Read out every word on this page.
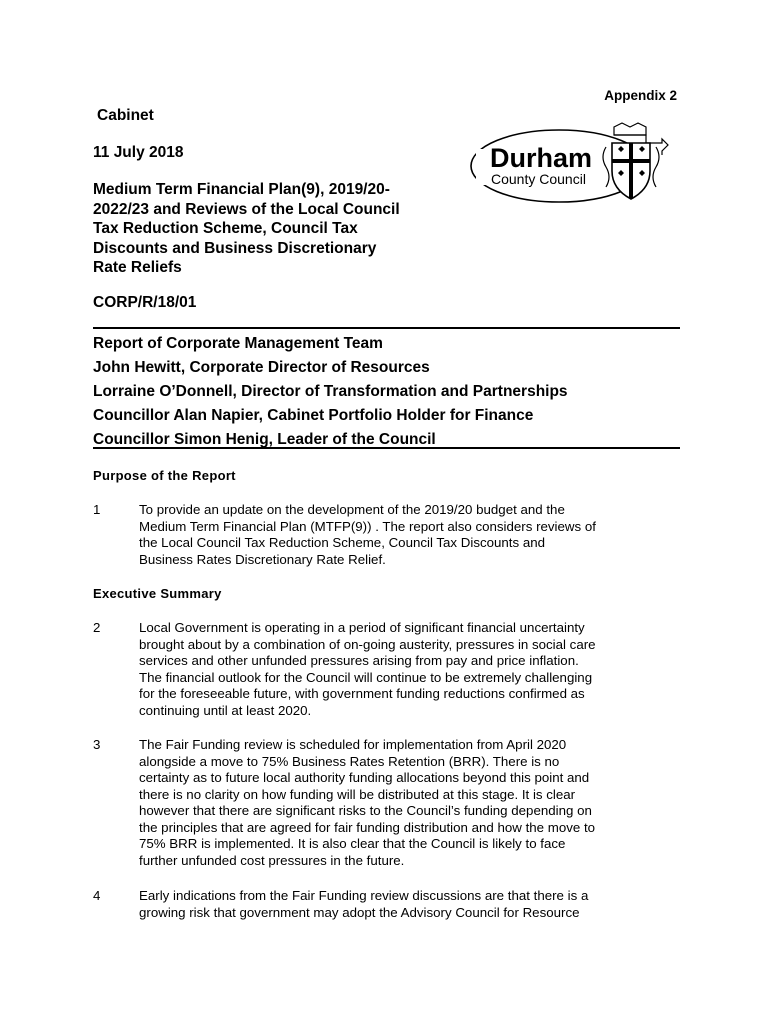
Appendix 2
Cabinet
11 July 2018
Medium Term Financial Plan(9), 2019/20-
2022/23 and Reviews of the Local Council
Tax Reduction Scheme, Council Tax
Discounts and Business Discretionary
Rate Reliefs
CORP/R/18/01
Durham
County Council
Report of Corporate Management Team
John Hewitt, Corporate Director of Resources
Lorraine O’Donnell, Director of Transformation and Partnerships
Councillor Alan Napier, Cabinet Portfolio Holder for Finance
Councillor Simon Henig, Leader of the Council
Purpose of the Report
1	To provide an update on the development of the 2019/20 budget and the
Medium Term Financial Plan (MTFP(9)) . The report also considers reviews of
the Local Council Tax Reduction Scheme, Council Tax Discounts and
Business Rates Discretionary Rate Relief.
Executive Summary
2	Local Government is operating in a period of significant financial uncertainty
brought about by a combination of on-going austerity, pressures in social care
services and other unfunded pressures arising from pay and price inflation.
The financial outlook for the Council will continue to be extremely challenging
for the foreseeable future, with government funding reductions confirmed as
continuing until at least 2020.
3	The Fair Funding review is scheduled for implementation from April 2020
alongside a move to 75% Business Rates Retention (BRR). There is no
certainty as to future local authority funding allocations beyond this point and
there is no clarity on how funding will be distributed at this stage. It is clear
however that there are significant risks to the Council’s funding depending on
the principles that are agreed for fair funding distribution and how the move to
75% BRR is implemented. It is also clear that the Council is likely to face
further unfunded cost pressures in the future.
4	Early indications from the Fair Funding review discussions are that there is a
growing risk that government may adopt the Advisory Council for Resource
